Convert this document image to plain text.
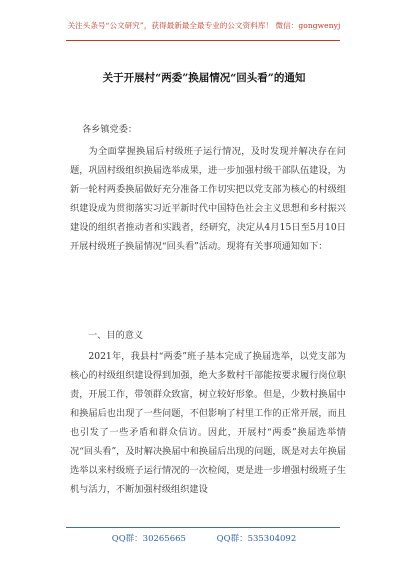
关注头条号“公文研究”，获得最新最全最专业的公文资料库！ 微信：gongwenyj
关于开展村“两委”换届情况“回头看”的通知
各乡镇党委：

为全面掌握换届后村级班子运行情况，及时发现并解决存在问题，巩固村级组织换届选举成果，进一步加强村级干部队伍建设，为新一轮村两委换届做好充分准备工作切实把以党支部为核心的村级组织建设成为贯彻落实习近平新时代中国特色社会主义思想和乡村振兴建设的组织者推动者和实践者，经研究，决定从4月15日至5月10日开展村级班子换届情况“回头看”活动。现将有关事项通知如下：

一、目的意义

2021年，我县村“两委”班子基本完成了换届选举，以党支部为核心的村级组织建设得到加强，绝大多数村干部能按要求履行岗位职责，开展工作，带领群众致富，树立较好形象。但是，少数村换届中和换届后也出现了一些问题，不但影响了村里工作的正常开展，而且也引发了一些矛盾和群众信访。因此，开展村“两委”换届选举情况“回头看”，及时解决换届中和换届后出现的问题，既是对去年换届选举以来村级班子运行情况的一次检阅，更是进一步增强村级班子生机与活力，不断加强村级组织建设

QQ群：30265665	QQ群：535304092
